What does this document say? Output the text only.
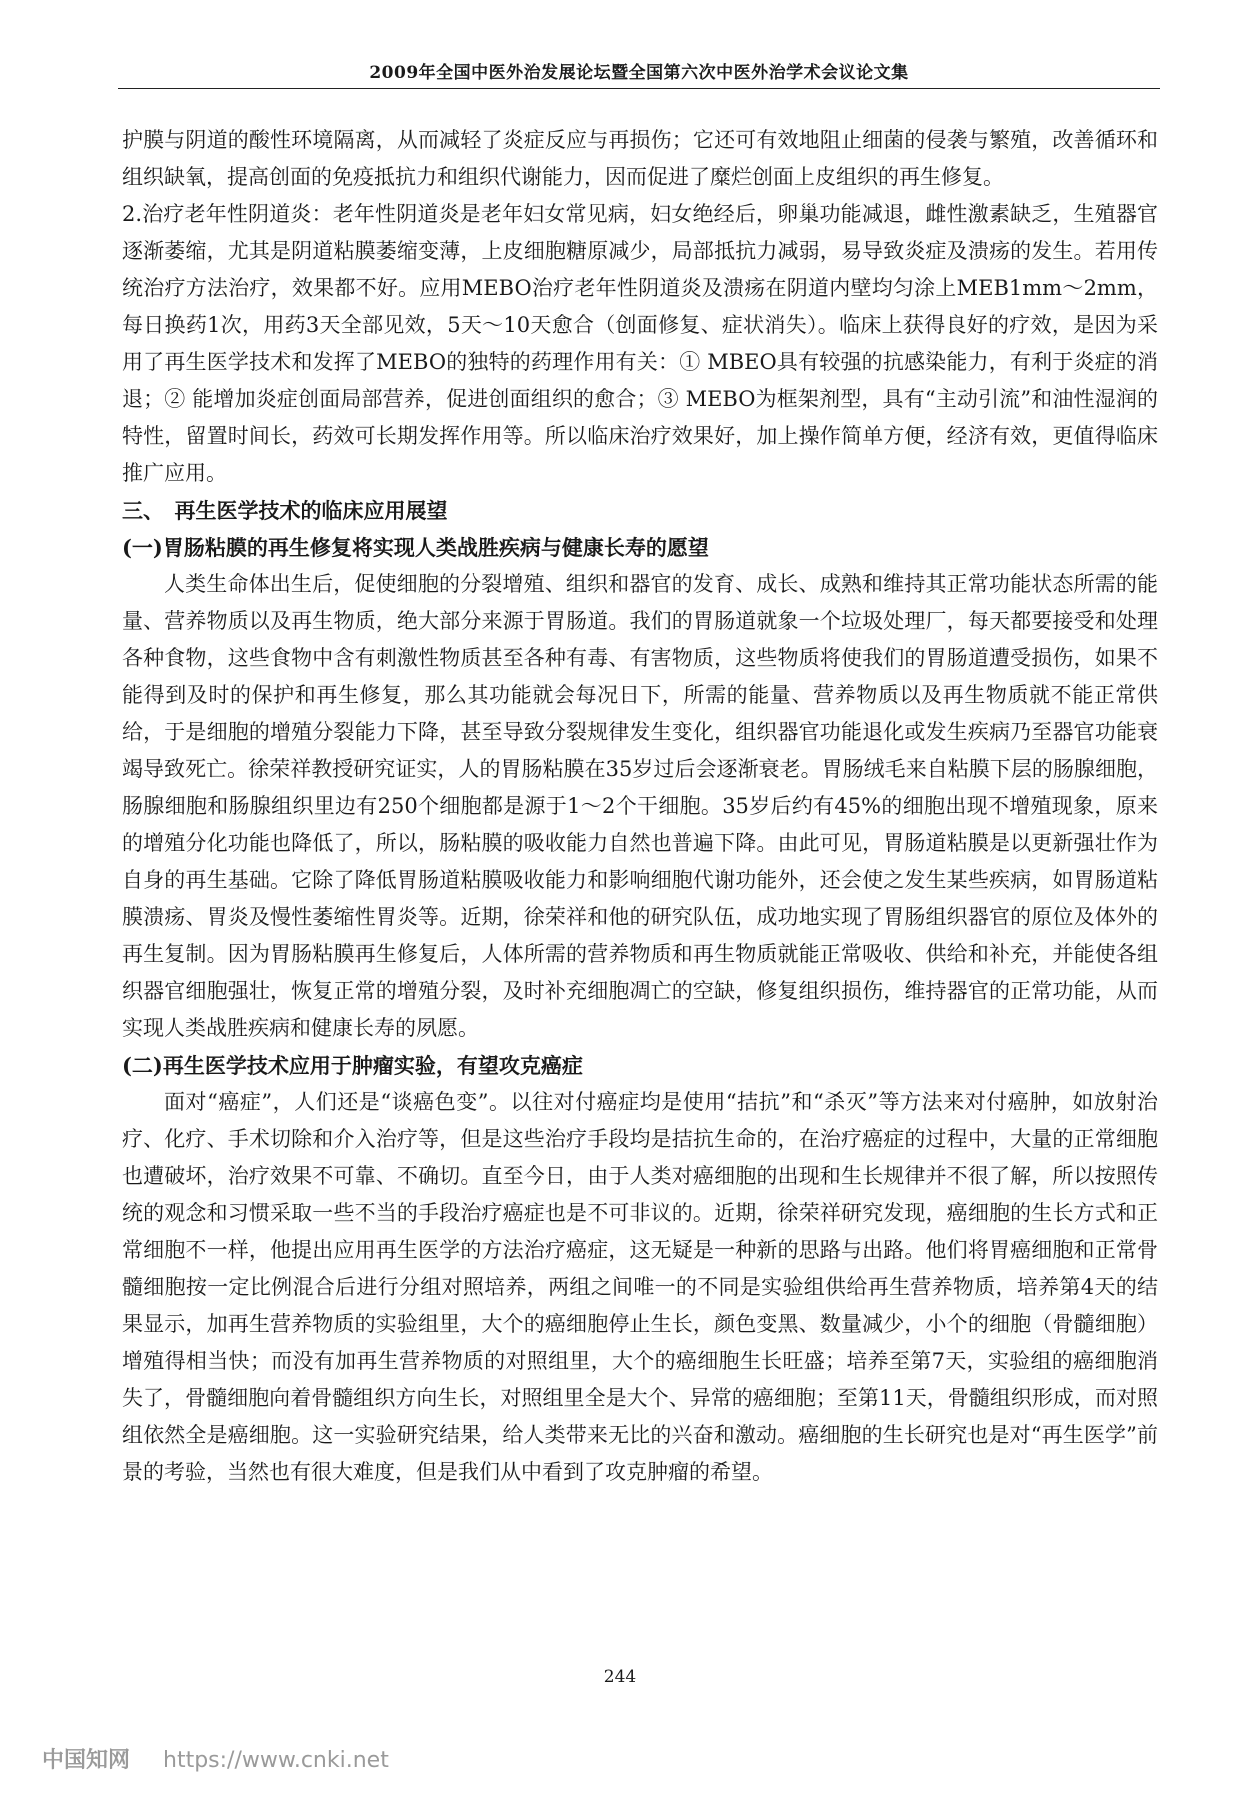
2009年全国中医外治发展论坛暨全国第六次中医外治学术会议论文集

护膜与阴道的酸性环境隔离，从而减轻了炎症反应与再损伤；它还可有效地阻止细菌的侵袭与繁殖，改善循环和组织缺氧，提高创面的免疫抵抗力和组织代谢能力，因而促进了糜烂创面上皮组织的再生修复。

2.治疗老年性阴道炎：老年性阴道炎是老年妇女常见病，妇女绝经后，卵巢功能减退，雌性激素缺乏，生殖器官逐渐萎缩，尤其是阴道粘膜萎缩变薄，上皮细胞糖原减少，局部抵抗力减弱，易导致炎症及溃疡的发生。若用传统治疗方法治疗，效果都不好。应用MEBO治疗老年性阴道炎及溃疡在阴道内壁均匀涂上MEB1mm～2mm，每日换药1次，用药3天全部见效，5天～10天愈合（创面修复、症状消失）。临床上获得良好的疗效，是因为采用了再生医学技术和发挥了MEBO的独特的药理作用有关：① MBEO具有较强的抗感染能力，有利于炎症的消退；② 能增加炎症创面局部营养，促进创面组织的愈合；③ MEBO为框架剂型，具有“主动引流”和油性湿润的特性，留置时间长，药效可长期发挥作用等。所以临床治疗效果好，加上操作简单方便，经济有效，更值得临床推广应用。

三、　再生医学技术的临床应用展望

(一)胃肠粘膜的再生修复将实现人类战胜疾病与健康长寿的愿望

人类生命体出生后，促使细胞的分裂增殖、组织和器官的发育、成长、成熟和维持其正常功能状态所需的能量、营养物质以及再生物质，绝大部分来源于胃肠道。我们的胃肠道就象一个垃圾处理厂，每天都要接受和处理各种食物，这些食物中含有刺激性物质甚至各种有毒、有害物质，这些物质将使我们的胃肠道遭受损伤，如果不能得到及时的保护和再生修复，那么其功能就会每况日下，所需的能量、营养物质以及再生物质就不能正常供给，于是细胞的增殖分裂能力下降，甚至导致分裂规律发生变化，组织器官功能退化或发生疾病乃至器官功能衰竭导致死亡。徐荣祥教授研究证实，人的胃肠粘膜在35岁过后会逐渐衰老。胃肠绒毛来自粘膜下层的肠腺细胞，肠腺细胞和肠腺组织里边有250个细胞都是源于1～2个干细胞。35岁后约有45%的细胞出现不增殖现象，原来的增殖分化功能也降低了，所以，肠粘膜的吸收能力自然也普遍下降。由此可见，胃肠道粘膜是以更新强壮作为自身的再生基础。它除了降低胃肠道粘膜吸收能力和影响细胞代谢功能外，还会使之发生某些疾病，如胃肠道粘膜溃疡、胃炎及慢性萎缩性胃炎等。近期，徐荣祥和他的研究队伍，成功地实现了胃肠组织器官的原位及体外的再生复制。因为胃肠粘膜再生修复后，人体所需的营养物质和再生物质就能正常吸收、供给和补充，并能使各组织器官细胞强壮，恢复正常的增殖分裂，及时补充细胞凋亡的空缺，修复组织损伤，维持器官的正常功能，从而实现人类战胜疾病和健康长寿的夙愿。

(二)再生医学技术应用于肿瘤实验，有望攻克癌症

面对“癌症”，人们还是“谈癌色变”。以往对付癌症均是使用“拮抗”和“杀灭”等方法来对付癌肿，如放射治疗、化疗、手术切除和介入治疗等，但是这些治疗手段均是拮抗生命的，在治疗癌症的过程中，大量的正常细胞也遭破坏，治疗效果不可靠、不确切。直至今日，由于人类对癌细胞的出现和生长规律并不很了解，所以按照传统的观念和习惯采取一些不当的手段治疗癌症也是不可非议的。近期，徐荣祥研究发现，癌细胞的生长方式和正常细胞不一样，他提出应用再生医学的方法治疗癌症，这无疑是一种新的思路与出路。他们将胃癌细胞和正常骨髓细胞按一定比例混合后进行分组对照培养，两组之间唯一的不同是实验组供给再生营养物质，培养第4天的结果显示，加再生营养物质的实验组里，大个的癌细胞停止生长，颜色变黑、数量减少，小个的细胞（骨髓细胞）增殖得相当快；而没有加再生营养物质的对照组里，大个的癌细胞生长旺盛；培养至第7天，实验组的癌细胞消失了，骨髓细胞向着骨髓组织方向生长，对照组里全是大个、异常的癌细胞；至第11天，骨髓组织形成，而对照组依然全是癌细胞。这一实验研究结果，给人类带来无比的兴奋和激动。癌细胞的生长研究也是对“再生医学”前景的考验，当然也有很大难度，但是我们从中看到了攻克肿瘤的希望。

244
中国知网 https://www.cnki.net
